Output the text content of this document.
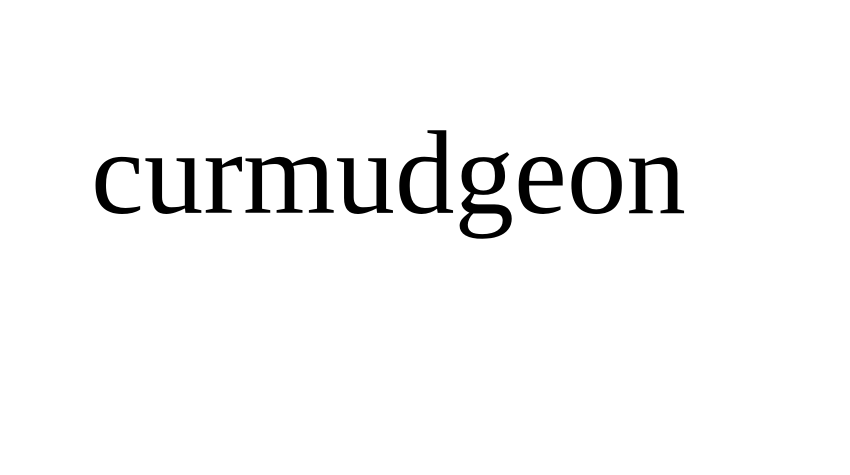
curmudgeon
